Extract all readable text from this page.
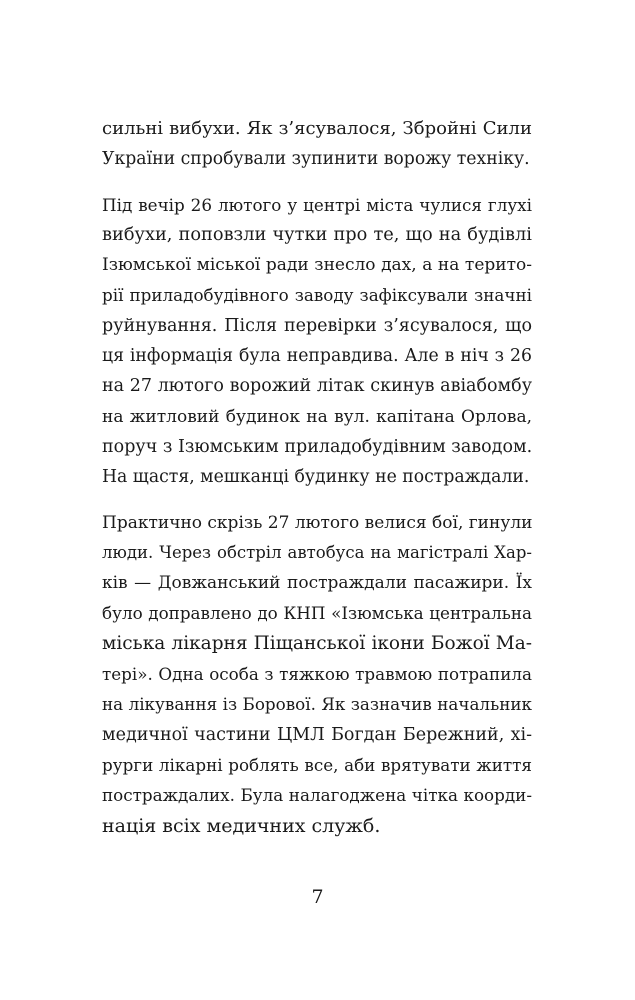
сильні вибухи. Як з’ясувалося, Збройні Сили
України спробували зупинити ворожу техніку.
Під вечір 26 лютого у центрі міста чулися глухі
вибухи, поповзли чутки про те, що на будівлі
Ізюмської міської ради знесло дах, а на терито-
рії приладобудівного заводу зафіксували значні
руйнування. Після перевірки з’ясувалося, що
ця інформація була неправдива. Але в ніч з 26
на 27 лютого ворожий літак скинув авіабомбу
на житловий будинок на вул. капітана Орлова,
поруч з Ізюмським приладобудівним заводом.
На щастя, мешканці будинку не постраждали.
Практично скрізь 27 лютого велися бої, гинули
люди. Через обстріл автобуса на магістралі Хар-
ків — Довжанський постраждали пасажири. Їх
було доправлено до КНП «Ізюмська центральна
міська лікарня Піщанської ікони Божої Ма-
тері». Одна особа з тяжкою травмою потрапила
на лікування із Борової. Як зазначив начальник
медичної частини ЦМЛ Богдан Бережний, хі-
рурги лікарні роблять все, аби врятувати життя
постраждалих. Була налагоджена чітка коорди-
нація всіх медичних служб.
7
